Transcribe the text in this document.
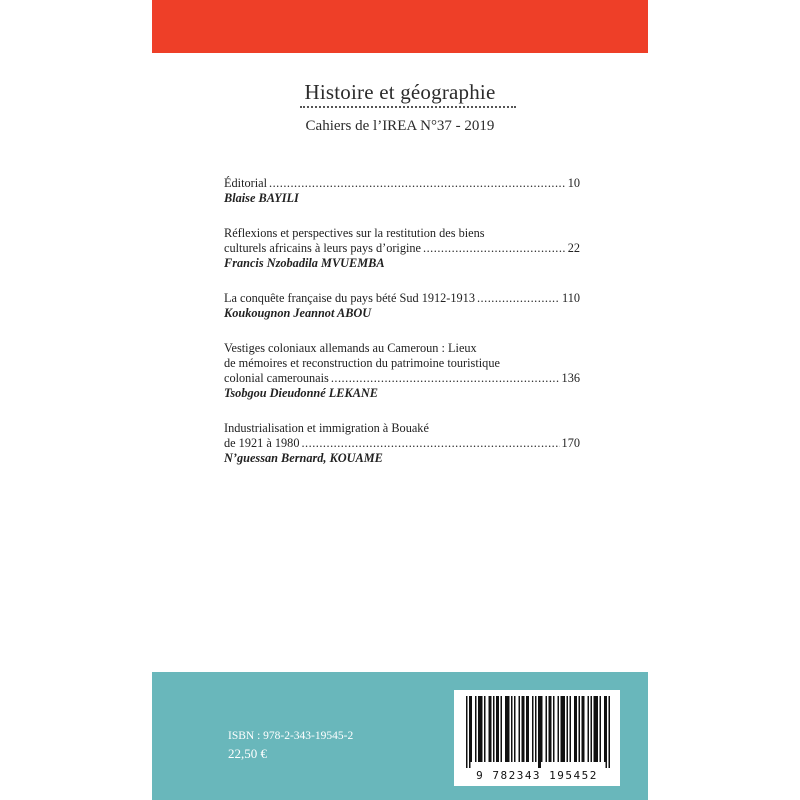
Histoire et géographie
Cahiers de l’IREA N°37 - 2019
Éditorial .....	10
Blaise BAYILI
Réflexions et perspectives sur la restitution des biens
culturels africains à leurs pays d’origine .....	22
Francis Nzobadila MVUEMBA
La conquête française du pays bété Sud 1912-1913 .....	110
Koukougnon Jeannot ABOU
Vestiges coloniaux allemands au Cameroun : Lieux
de mémoires et reconstruction du patrimoine touristique
colonial camerounais .....	136
Tsobgou Dieudonné LEKANE
Industrialisation et immigration à Bouaké
de 1921 à 1980 .....	170
N’guessan Bernard, KOUAME
ISBN : 978-2-343-19545-2
22,50 €
9 782343 195452
